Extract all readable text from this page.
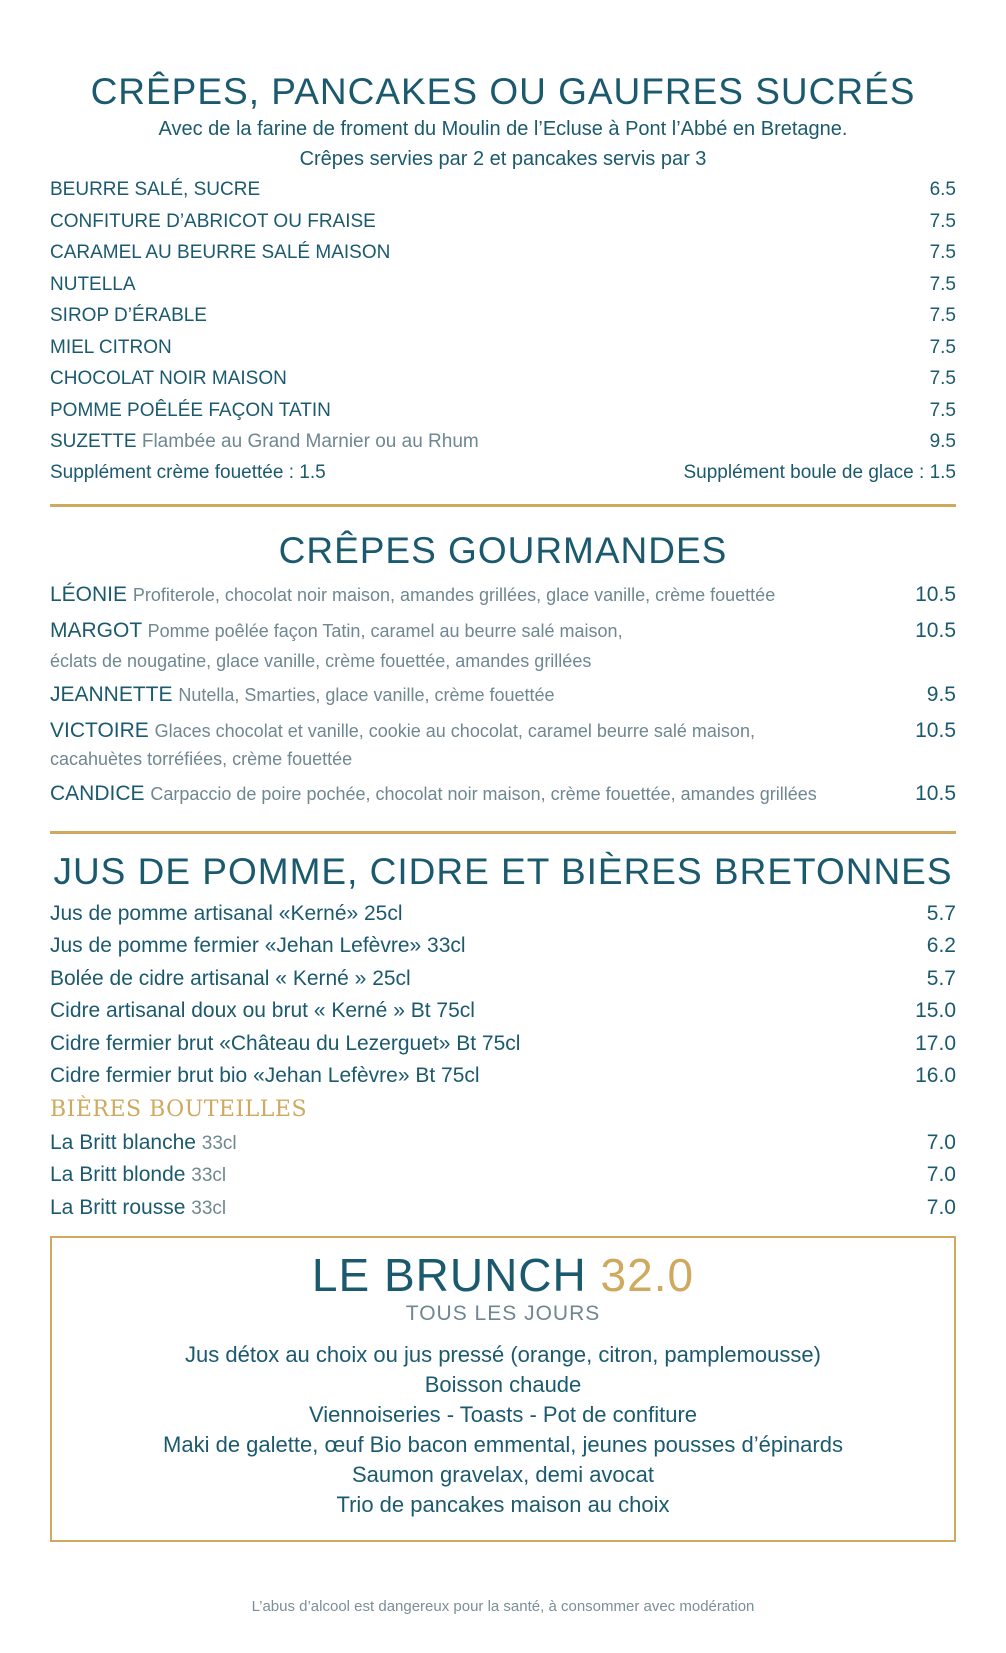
CRÊPES, PANCAKES OU GAUFRES SUCRÉS

Avec de la farine de froment du Moulin de l’Ecluse à Pont l’Abbé en Bretagne.

Crêpes servies par 2 et pancakes servis par 3

BEURRE SALÉ, SUCRE	6.5
CONFITURE D’ABRICOT OU FRAISE	7.5
CARAMEL AU BEURRE SALÉ MAISON	7.5
NUTELLA	7.5
SIROP D’ÉRABLE	7.5
MIEL CITRON	7.5
CHOCOLAT NOIR MAISON	7.5
POMME POÊLÉE FAÇON TATIN	7.5
SUZETTE Flambée au Grand Marnier ou au Rhum	9.5
Supplément crème fouettée : 1.5	Supplément boule de glace : 1.5
CRÊPES GOURMANDES
LÉONIE Profiterole, chocolat noir maison, amandes grillées, glace vanille, crème fouettée	10.5
MARGOT Pomme poêlée façon Tatin, caramel au beurre salé maison,	10.5
éclats de nougatine, glace vanille, crème fouettée, amandes grillées
JEANNETTE Nutella, Smarties, glace vanille, crème fouettée	9.5
VICTOIRE Glaces chocolat et vanille, cookie au chocolat, caramel beurre salé maison,	10.5
cacahuètes torréfiées, crème fouettée
CANDICE Carpaccio de poire pochée, chocolat noir maison, crème fouettée, amandes grillées	10.5
JUS DE POMME, CIDRE ET BIÈRES BRETONNES
Jus de pomme artisanal «Kerné» 25cl	5.7
Jus de pomme fermier «Jehan Lefèvre» 33cl	6.2
Bolée de cidre artisanal « Kerné » 25cl	5.7
Cidre artisanal doux ou brut « Kerné » Bt 75cl	15.0
Cidre fermier brut «Château du Lezerguet» Bt 75cl	17.0
Cidre fermier brut bio «Jehan Lefèvre» Bt 75cl	16.0
BIÈRES BOUTEILLES
La Britt blanche 33cl	7.0
La Britt blonde 33cl	7.0
La Britt rousse 33cl	7.0
LE BRUNCH 32.0
TOUS LES JOURS
Jus détox au choix ou jus pressé (orange, citron, pamplemousse)
Boisson chaude
Viennoiseries - Toasts - Pot de confiture
Maki de galette, œuf Bio bacon emmental, jeunes pousses d’épinards
Saumon gravelax, demi avocat
Trio de pancakes maison au choix
L’abus d’alcool est dangereux pour la santé, à consommer avec modération
